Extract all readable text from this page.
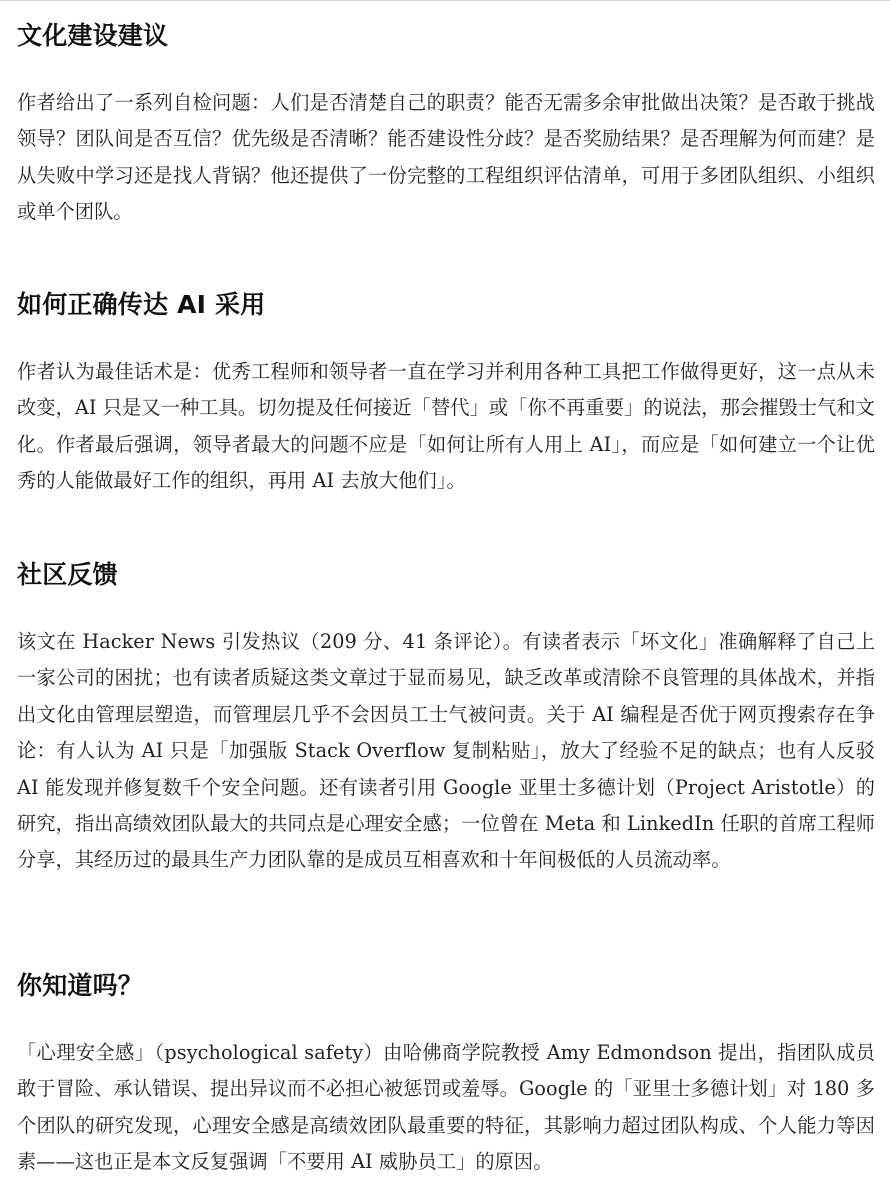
文化建设建议

作者给出了一系列自检问题：人们是否清楚自己的职责？能否无需多余审批做出决策？是否敢于挑战领导？团队间是否互信？优先级是否清晰？能否建设性分歧？是否奖励结果？是否理解为何而建？是从失败中学习还是找人背锅？他还提供了一份完整的工程组织评估清单，可用于多团队组织、小组织或单个团队。

如何正确传达 AI 采用

作者认为最佳话术是：优秀工程师和领导者一直在学习并利用各种工具把工作做得更好，这一点从未改变，AI 只是又一种工具。切勿提及任何接近「替代」或「你不再重要」的说法，那会摧毁士气和文化。作者最后强调，领导者最大的问题不应是「如何让所有人用上 AI」，而应是「如何建立一个让优秀的人能做最好工作的组织，再用 AI 去放大他们」。

社区反馈

该文在 Hacker News 引发热议（209 分、41 条评论）。有读者表示「坏文化」准确解释了自己上一家公司的困扰；也有读者质疑这类文章过于显而易见，缺乏改革或清除不良管理的具体战术，并指出文化由管理层塑造，而管理层几乎不会因员工士气被问责。关于 AI 编程是否优于网页搜索存在争论：有人认为 AI 只是「加强版 Stack Overflow 复制粘贴」，放大了经验不足的缺点；也有人反驳 AI 能发现并修复数千个安全问题。还有读者引用 Google 亚里士多德计划（Project Aristotle）的研究，指出高绩效团队最大的共同点是心理安全感；一位曾在 Meta 和 LinkedIn 任职的首席工程师分享，其经历过的最具生产力团队靠的是成员互相喜欢和十年间极低的人员流动率。

你知道吗？

「心理安全感」（psychological safety）由哈佛商学院教授 Amy Edmondson 提出，指团队成员敢于冒险、承认错误、提出异议而不必担心被惩罚或羞辱。Google 的「亚里士多德计划」对 180 多个团队的研究发现，心理安全感是高绩效团队最重要的特征，其影响力超过团队构成、个人能力等因素——这也正是本文反复强调「不要用 AI 威胁员工」的原因。
